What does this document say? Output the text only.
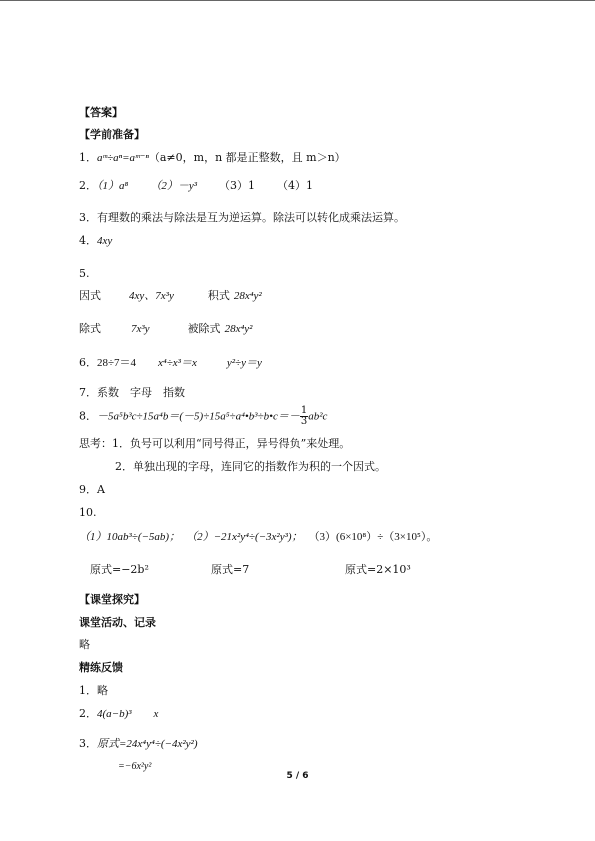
【答案】
【学前准备】
1．aᵐ÷aⁿ=aᵐ⁻ⁿ（a≠0，m，n 都是正整数，且 m＞n）
2．（1）a⁸ （2）－y³ （3）1 （4）1
3．有理数的乘法与除法是互为逆运算。除法可以转化成乘法运算。
4．4xy
5.
因式	4xy、7x³y	积式 28x⁴y²
除式	7x³y	被除式 28x⁴y²
6．28÷7＝4 x⁴÷x³＝x	y²÷y＝y
7．系数　字母　指数
8．－5a⁵b³c÷15a⁴b＝(－5)÷15a⁵÷a⁴•b³÷b•c＝－ $\frac{1}{3} ab^2c$
思考：1．负号可以利用“同号得正，异号得负”来处理。
2．单独出现的字母，连同它的指数作为积的一个因式。
9．A
10.
（1）10ab³÷(−5ab)； （2）−21x²y⁴÷(−3x²y³)； （3）(6×10⁸）÷（3×10⁵）。
原式=−2b²	原式=7	原式=2×10³
【课堂探究】
课堂活动、记录
略
精练反馈
1．略
2．4(a−b)³ x
3．原式=24x⁴y⁴÷(−4x²y²)
=−6x²y²
5 / 6
